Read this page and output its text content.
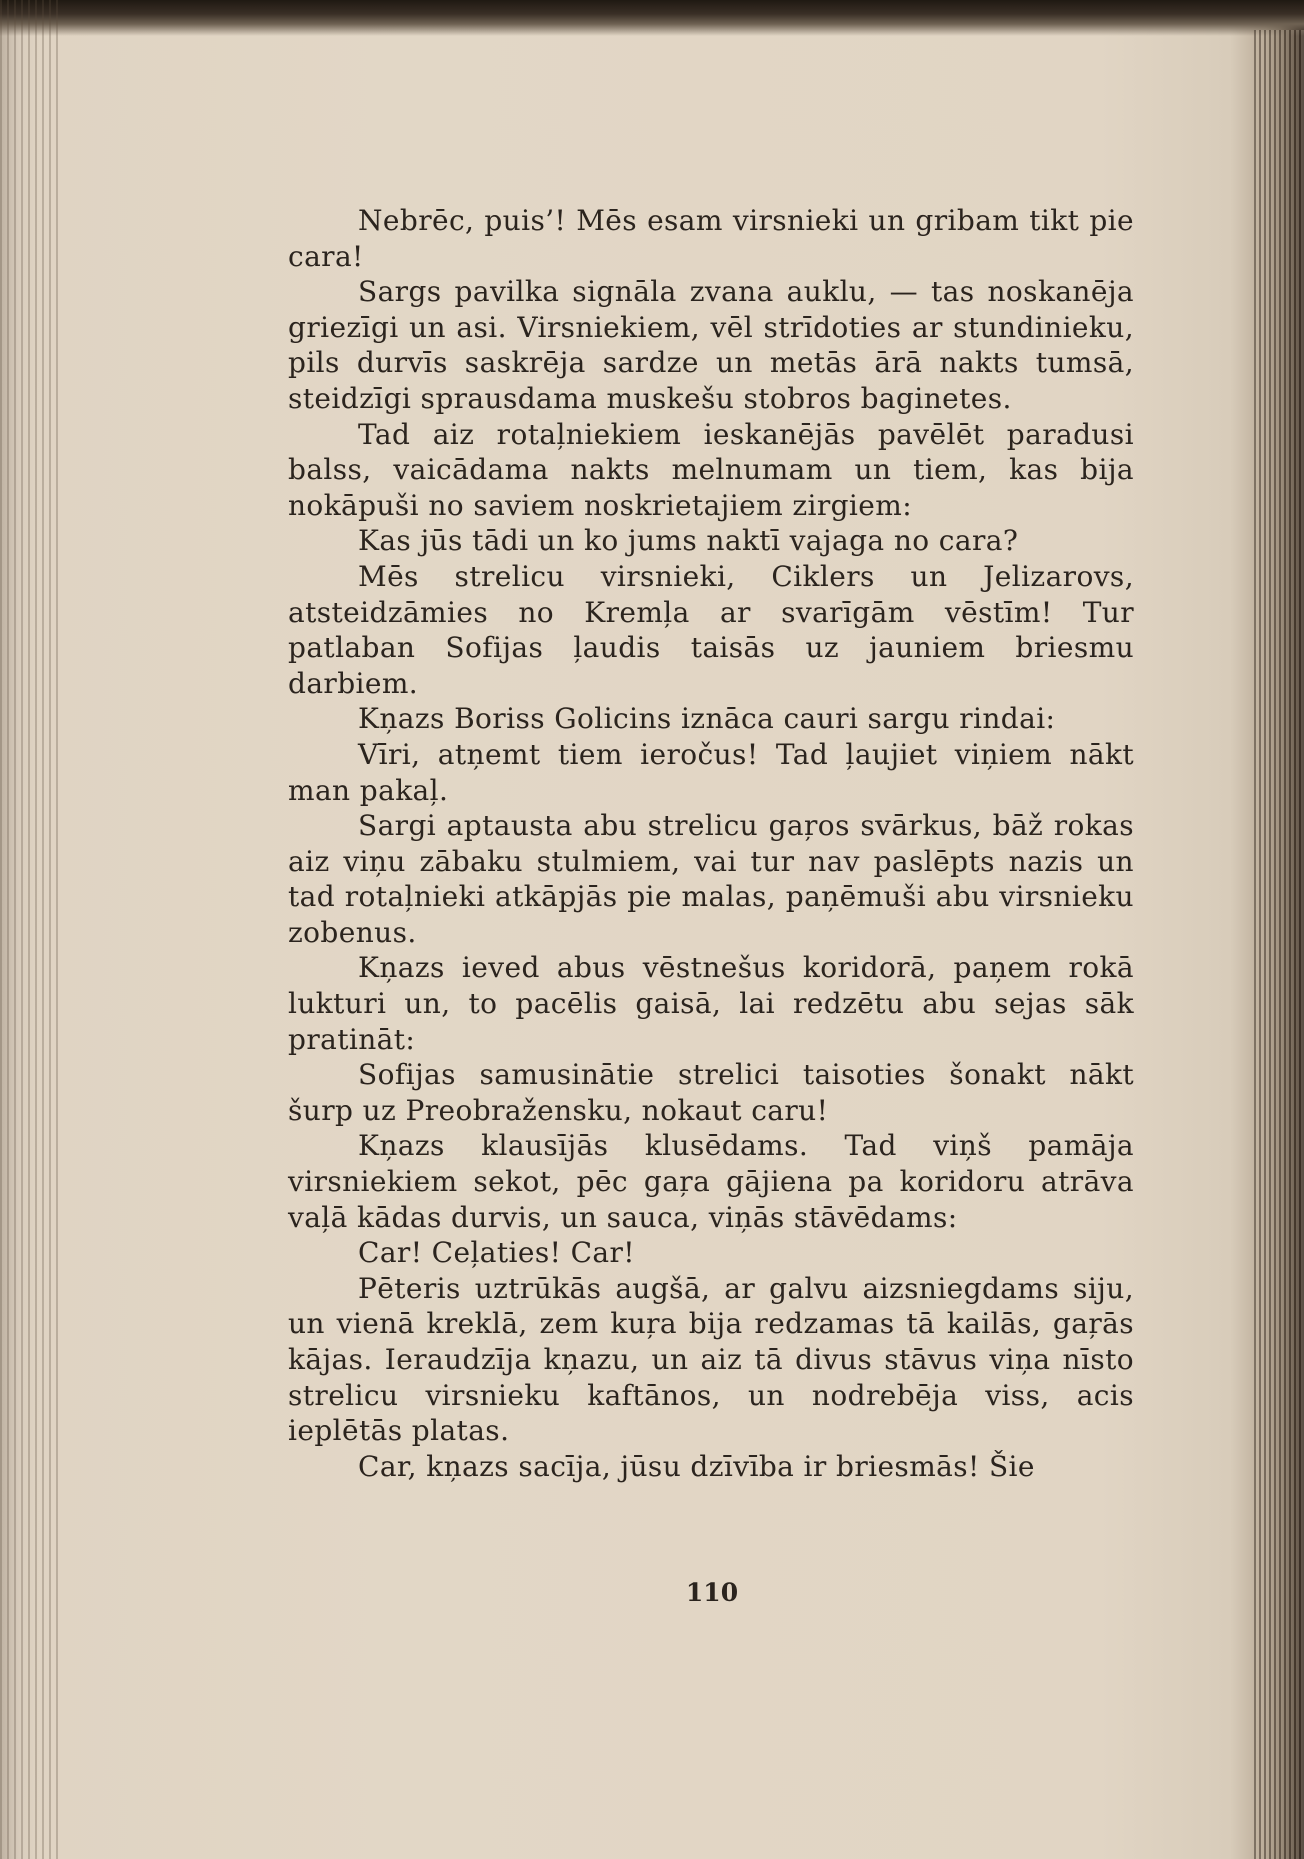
Nebrēc, puis’! Mēs esam virsnieki un gribam tikt pie cara!

Sargs pavilka signāla zvana auklu, — tas noskanēja griezīgi un asi. Virsniekiem, vēl strīdoties ar stundinieku, pils durvīs saskrēja sardze un metās ārā nakts tumsā, steidzīgi sprausdama muskešu stobros baginetes.

Tad aiz rotaļniekiem ieskanējās pavēlēt paradusi balss, vaicādama nakts melnumam un tiem, kas bija nokāpuši no saviem noskrietajiem zirgiem:

Kas jūs tādi un ko jums naktī vajaga no cara?

Mēs strelicu virsnieki, Ciklers un Jelizarovs, atsteidzāmies no Kremļa ar svarīgām vēstīm! Tur patlaban Sofijas ļaudis taisās uz jauniem briesmu darbiem.

Kņazs Boriss Golicins iznāca cauri sargu rindai:

Vīri, atņemt tiem ieročus! Tad ļaujiet viņiem nākt man pakaļ.

Sargi aptausta abu strelicu gaŗos svārkus, bāž rokas aiz viņu zābaku stulmiem, vai tur nav paslēpts nazis un tad rotaļnieki atkāpjās pie malas, paņēmuši abu virsnieku zobenus.

Kņazs ieved abus vēstnešus koridorā, paņem rokā lukturi un, to pacēlis gaisā, lai redzētu abu sejas sāk pratināt:

Sofijas samusinātie strelici taisoties šonakt nākt šurp uz Preobražensku, nokaut caru!

Kņazs klausījās klusēdams. Tad viņš pamāja virsniekiem sekot, pēc gaŗa gājiena pa koridoru atrāva vaļā kādas durvis, un sauca, viņās stāvēdams:

Car! Ceļaties! Car!

Pēteris uztrūkās augšā, ar galvu aizsniegdams siju, un vienā kreklā, zem kuŗa bija redzamas tā kailās, gaŗās kājas. Ieraudzīja kņazu, un aiz tā divus stāvus viņa nīsto strelicu virsnieku kaftānos, un nodrebēja viss, acis ieplētās platas.

Car, kņazs sacīja, jūsu dzīvība ir briesmās! Šie

110
